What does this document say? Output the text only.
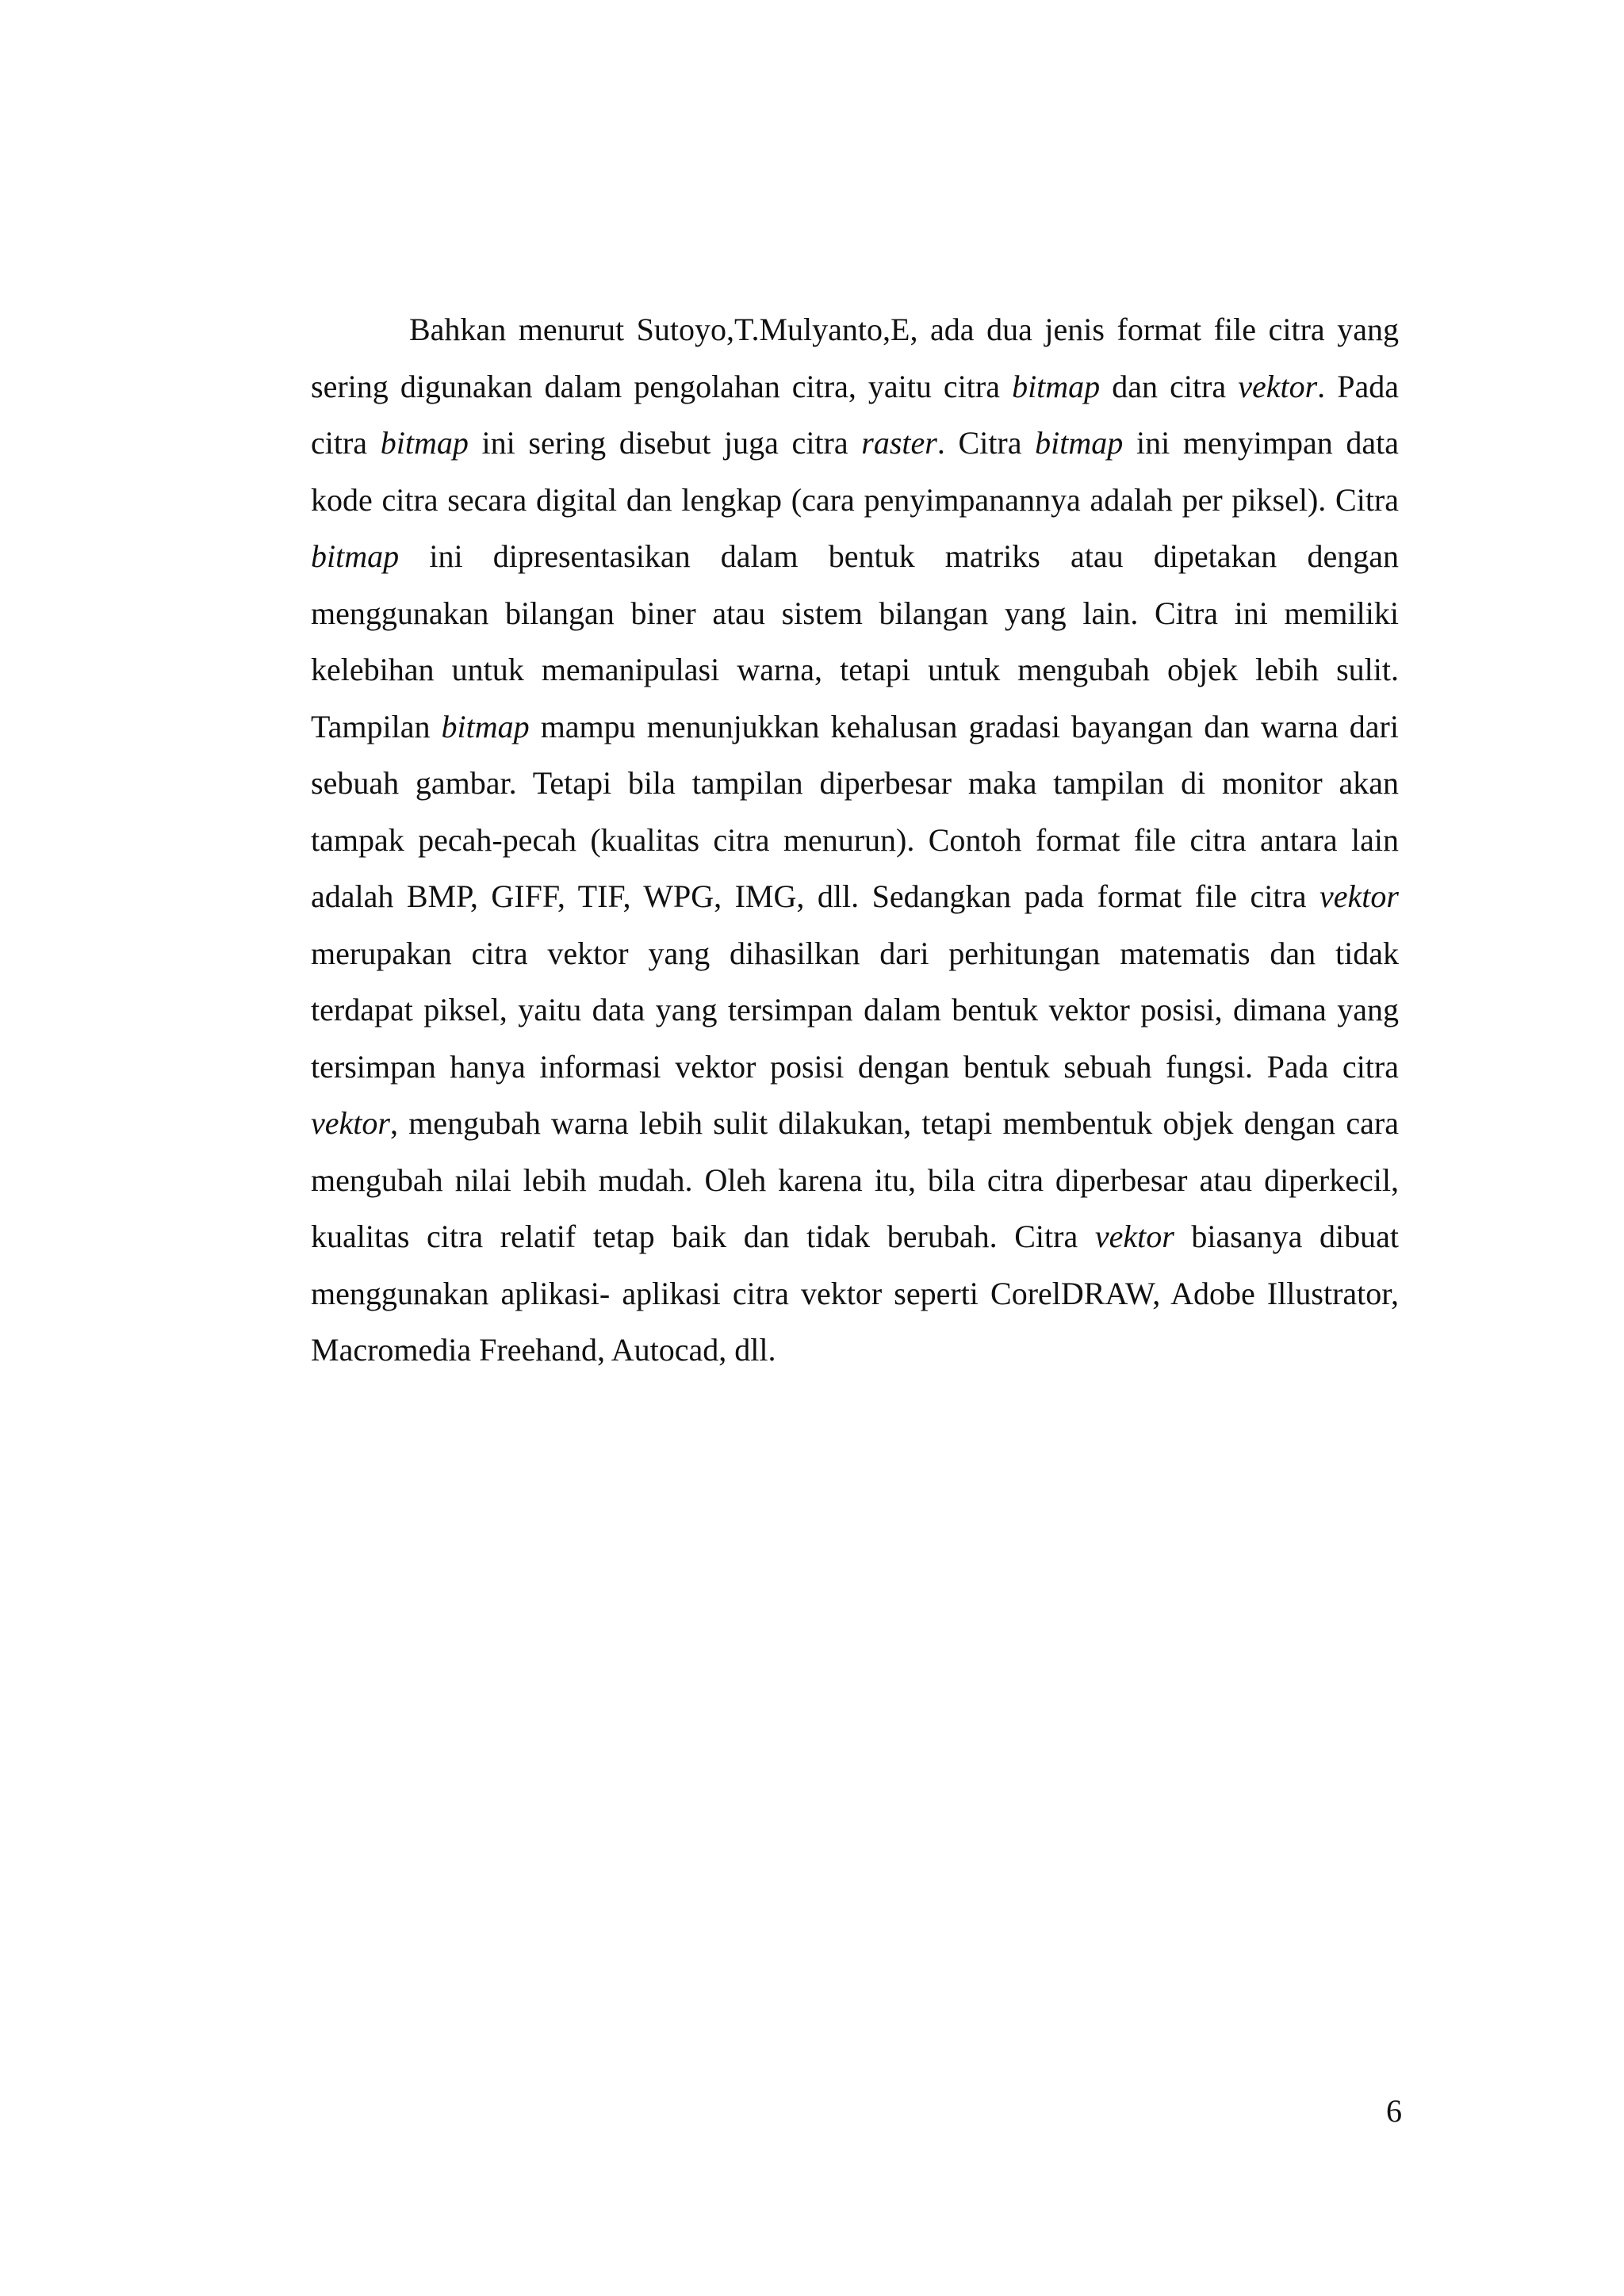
Bahkan menurut Sutoyo,T.Mulyanto,E, ada dua jenis format file citra yang sering digunakan dalam pengolahan citra, yaitu citra bitmap dan citra vektor. Pada citra bitmap ini sering disebut juga citra raster. Citra bitmap ini menyimpan data kode citra secara digital dan lengkap (cara penyimpanannya adalah per piksel). Citra bitmap ini dipresentasikan dalam bentuk matriks atau dipetakan dengan menggunakan bilangan biner atau sistem bilangan yang lain. Citra ini memiliki kelebihan untuk memanipulasi warna, tetapi untuk mengubah objek lebih sulit. Tampilan bitmap mampu menunjukkan kehalusan gradasi bayangan dan warna dari sebuah gambar. Tetapi bila tampilan diperbesar maka tampilan di monitor akan tampak pecah-pecah (kualitas citra menurun). Contoh format file citra antara lain adalah BMP, GIFF, TIF, WPG, IMG, dll. Sedangkan pada format file citra vektor merupakan citra vektor yang dihasilkan dari perhitungan matematis dan tidak terdapat piksel, yaitu data yang tersimpan dalam bentuk vektor posisi, dimana yang tersimpan hanya informasi vektor posisi dengan bentuk sebuah fungsi. Pada citra vektor, mengubah warna lebih sulit dilakukan, tetapi membentuk objek dengan cara mengubah nilai lebih mudah. Oleh karena itu, bila citra diperbesar atau diperkecil, kualitas citra relatif tetap baik dan tidak berubah. Citra vektor biasanya dibuat menggunakan aplikasi- aplikasi citra vektor seperti CorelDRAW, Adobe Illustrator, Macromedia Freehand, Autocad, dll.

6
